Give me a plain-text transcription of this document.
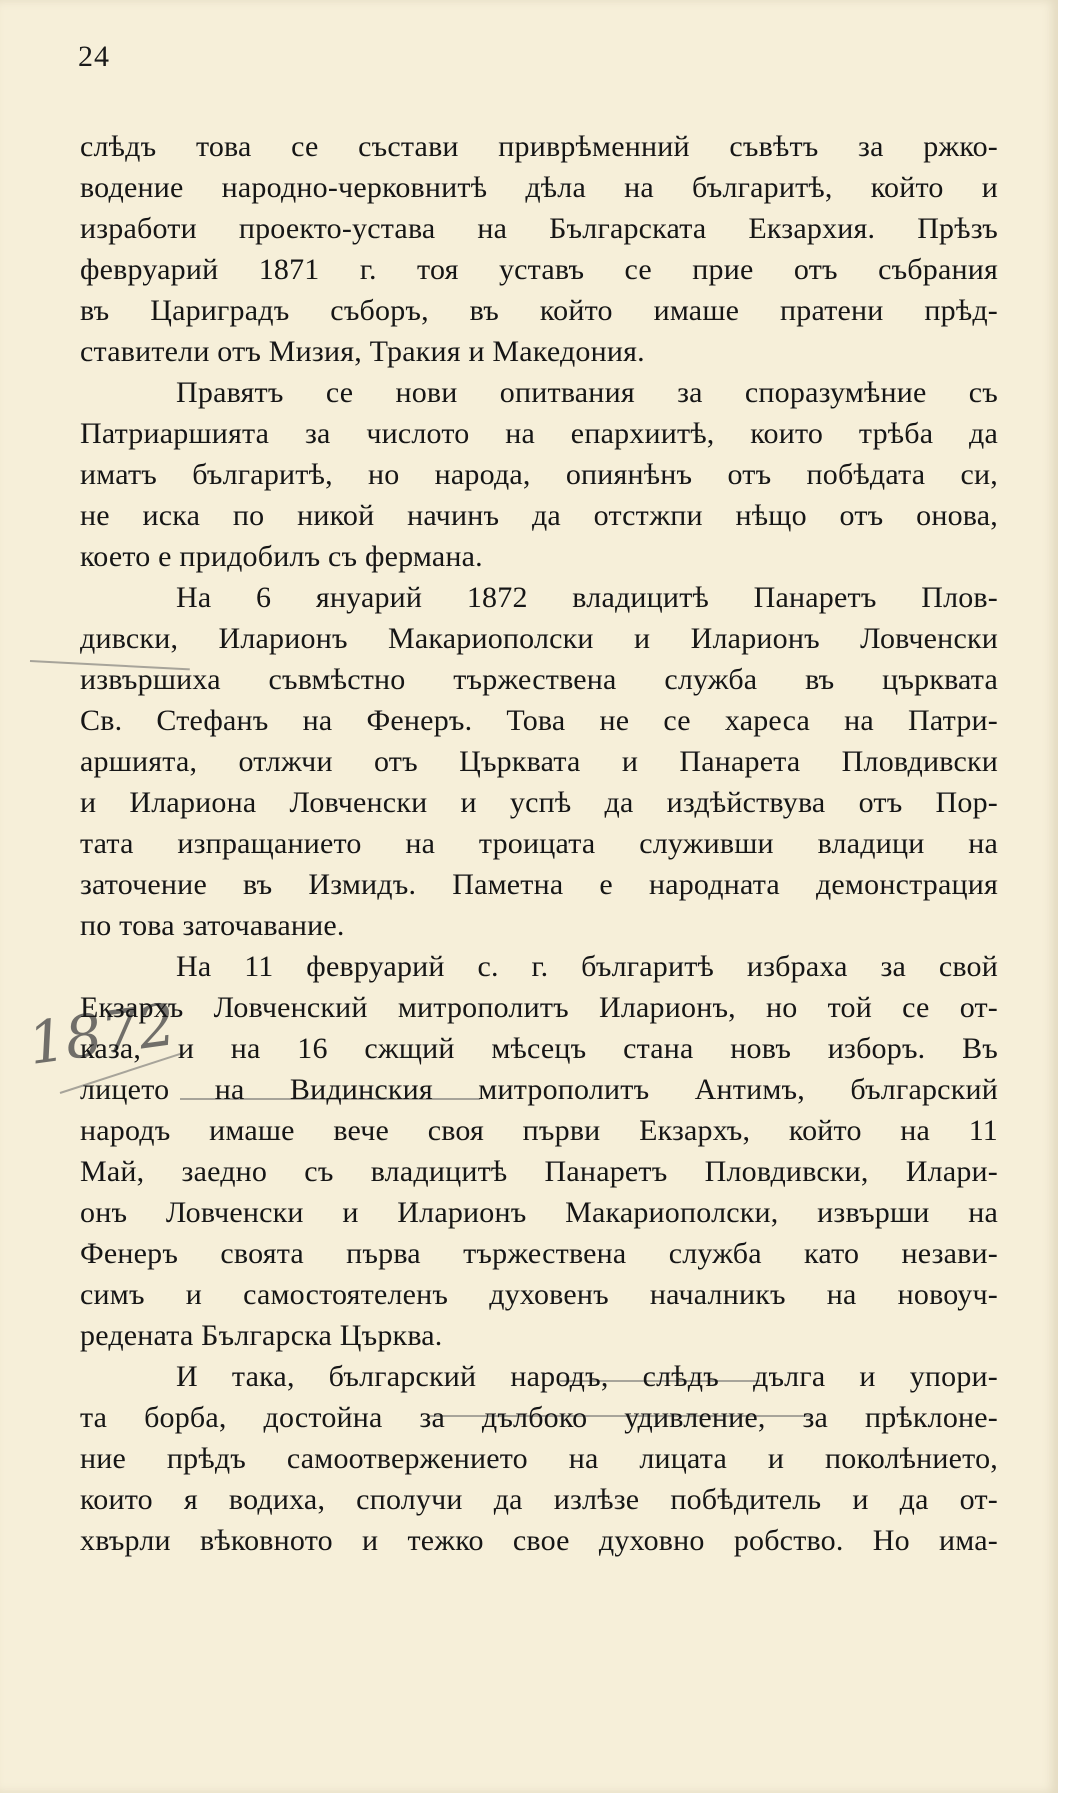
24
1872
слѣдъ това се състави приврѣменний съвѣтъ за ржко-
водение народно-черковнитѣ дѣла на българитѣ, който и
изработи проекто-устава на Българската Екзархия. Прѣзъ
февруарий 1871 г. тоя уставъ се прие отъ събрания
въ Цариградъ съборъ, въ който имаше пратени прѣд-
ставители отъ Мизия, Тракия и Македония.
Правятъ се нови опитвания за споразумѣние съ
Патриаршията за числото на епархиитѣ, които трѣба да
иматъ българитѣ, но народа, опиянѣнъ отъ побѣдата си,
не иска по никой начинъ да отстжпи нѣщо отъ онова,
което е придобилъ съ фермана.
На 6 януарий 1872 владицитѣ Панаретъ Плов-
дивски, Иларионъ Макариополски и Иларионъ Ловченски
извършиха съвмѣстно тържествена служба въ църквата
Св. Стефанъ на Фенеръ. Това не се хареса на Патри-
аршията, отлжчи отъ Църквата и Панарета Пловдивски
и Илариона Ловченски и успѣ да издѣйствува отъ Пор-
тата изпращанието на троицата служивши владици на
заточение въ Измидъ. Паметна е народната демонстрация
по това заточавание.
На 11 февруарий с. г. българитѣ избраха за свой
Екзархъ Ловченский митрополитъ Иларионъ, но той се от-
каза, и на 16 сжщий мѣсецъ стана новъ изборъ. Въ
лицето на Видинския митрополитъ Антимъ, българский
народъ имаше вече своя първи Екзархъ, който на 11
Май, заедно съ владицитѣ Панаретъ Пловдивски, Илари-
онъ Ловченски и Иларионъ Макариополски, извърши на
Фенеръ своята първа тържествена служба като незави-
симъ и самостоятеленъ духовенъ началникъ на новоуч-
редената Българска Църква.
И така, българский народъ, слѣдъ дълга и упори-
та борба, достойна за дълбоко удивление, за прѣклоне-
ние прѣдъ самоотвержението на лицата и поколѣнието,
които я водиха, сполучи да излѣзе побѣдитель и да от-
хвърли вѣковното и тежко свое духовно робство. Но има-
